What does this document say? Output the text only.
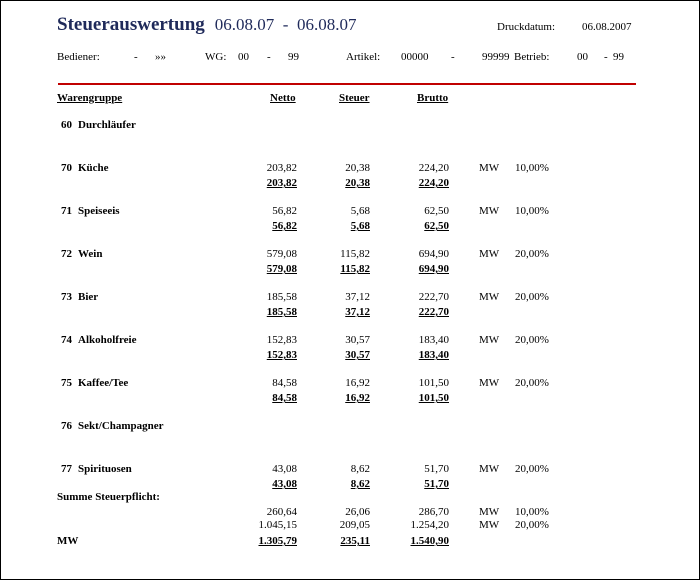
Steuerauswertung 06.08.07 - 06.08.07	Druckdatum: 06.08.2007
Bediener:	- »»	WG: 00 - 99	Artikel: 00000 - 99999 Betrieb:	00 - 99
Warengruppe	Netto	Steuer	Brutto
60 Durchläufer
70 Küche	203,82	20,38	224,20	MW 10,00%
203,82	20,38	224,20
71 Speiseeis	56,82	5,68	62,50	MW 10,00%
56,82	5,68	62,50
72 Wein	579,08	115,82	694,90	MW 20,00%
579,08	115,82	694,90
73 Bier	185,58	37,12	222,70	MW 20,00%
185,58	37,12	222,70
74 Alkoholfreie	152,83	30,57	183,40	MW 20,00%
152,83	30,57	183,40
75 Kaffee/Tee	84,58	16,92	101,50	MW 20,00%
84,58	16,92	101,50
76 Sekt/Champagner
77 Spirituosen	43,08	8,62	51,70	MW 20,00%
43,08	8,62	51,70
Summe Steuerpflicht:
260,64	26,06	286,70	MW 10,00%
1.045,15	209,05	1.254,20	MW 20,00%
MW	1.305,79	235,11	1.540,90
